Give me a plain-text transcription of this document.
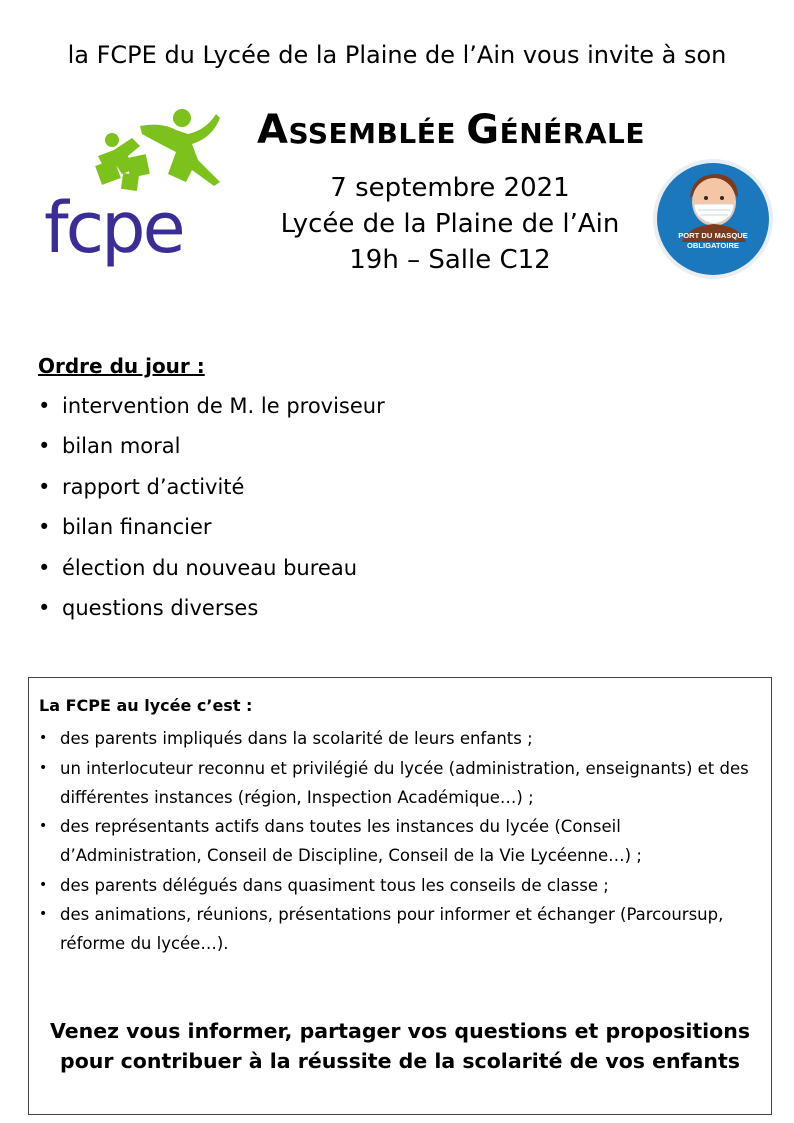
la FCPE du Lycée de la Plaine de l’Ain vous invite à son
ASSEMBLÉE GÉNÉRALE
7 septembre 2021
Lycée de la Plaine de l’Ain
19h – Salle C12
fcpe	PORT DU MASQUE
OBLIGATOIRE
Ordre du jour :
• intervention de M. le proviseur
• bilan moral
• rapport d’activité
• bilan financier
• élection du nouveau bureau
• questions diverses
La FCPE au lycée c’est :
• des parents impliqués dans la scolarité de leurs enfants ;
• un interlocuteur reconnu et privilégié du lycée (administration, enseignants) et des différentes instances (région, Inspection Académique…) ;
• des représentants actifs dans toutes les instances du lycée (Conseil d’Administration, Conseil de Discipline, Conseil de la Vie Lycéenne…) ;
• des parents délégués dans quasiment tous les conseils de classe ;
• des animations, réunions, présentations pour informer et échanger (Parcoursup, réforme du lycée…).
Venez vous informer, partager vos questions et propositions
pour contribuer à la réussite de la scolarité de vos enfants
